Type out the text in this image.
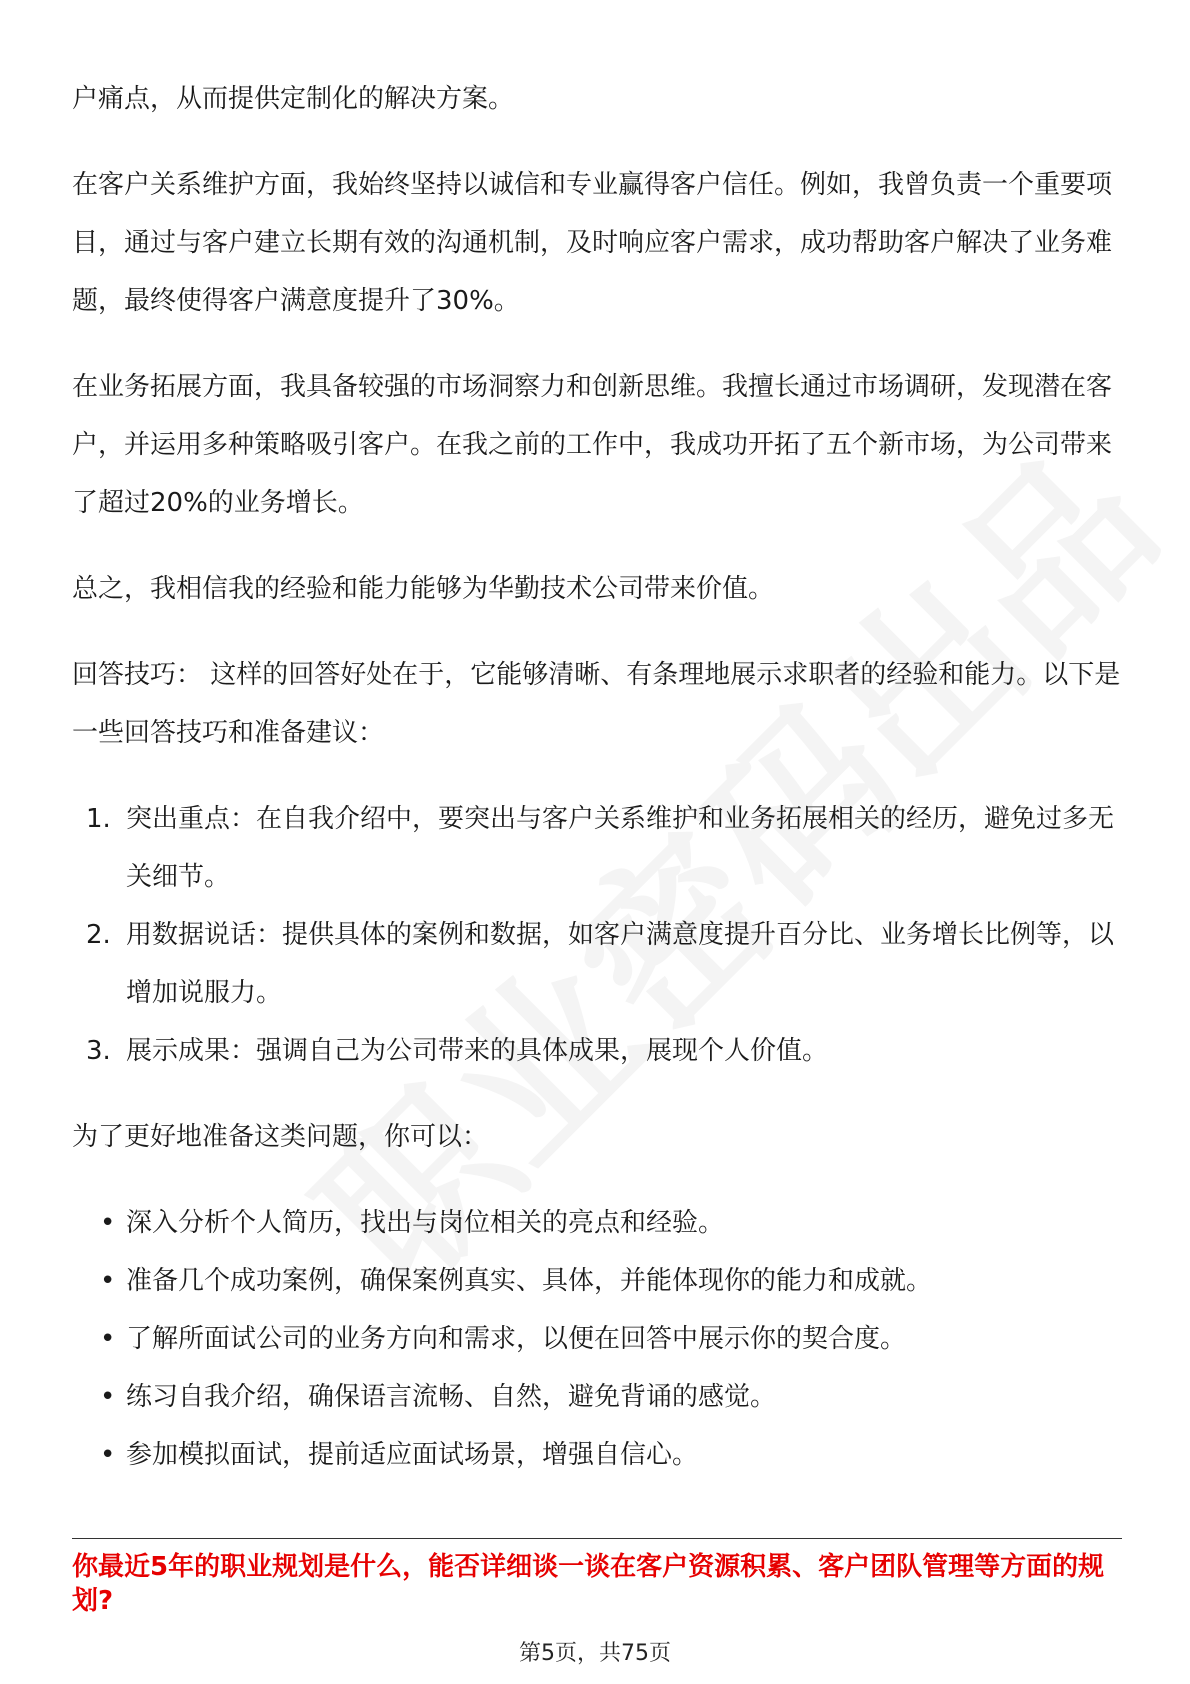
户痛点，从而提供定制化的解决方案。

在客户关系维护方面，我始终坚持以诚信和专业赢得客户信任。例如，我曾负责一个重要项目，通过与客户建立长期有效的沟通机制，及时响应客户需求，成功帮助客户解决了业务难题，最终使得客户满意度提升了30%。

在业务拓展方面，我具备较强的市场洞察力和创新思维。我擅长通过市场调研，发现潜在客户，并运用多种策略吸引客户。在我之前的工作中，我成功开拓了五个新市场，为公司带来了超过20%的业务增长。

总之，我相信我的经验和能力能够为华勤技术公司带来价值。

回答技巧： 这样的回答好处在于，它能够清晰、有条理地展示求职者的经验和能力。以下是一些回答技巧和准备建议：

1. 突出重点：在自我介绍中，要突出与客户关系维护和业务拓展相关的经历，避免过多无关细节。
2. 用数据说话：提供具体的案例和数据，如客户满意度提升百分比、业务增长比例等，以增加说服力。
3. 展示成果：强调自己为公司带来的具体成果，展现个人价值。

为了更好地准备这类问题，你可以：

• 深入分析个人简历，找出与岗位相关的亮点和经验。
• 准备几个成功案例，确保案例真实、具体，并能体现你的能力和成就。
• 了解所面试公司的业务方向和需求，以便在回答中展示你的契合度。
• 练习自我介绍，确保语言流畅、自然，避免背诵的感觉。
• 参加模拟面试，提前适应面试场景，增强自信心。

你最近5年的职业规划是什么，能否详细谈一谈在客户资源积累、客户团队管理等方面的规划?

第5页，共75页
